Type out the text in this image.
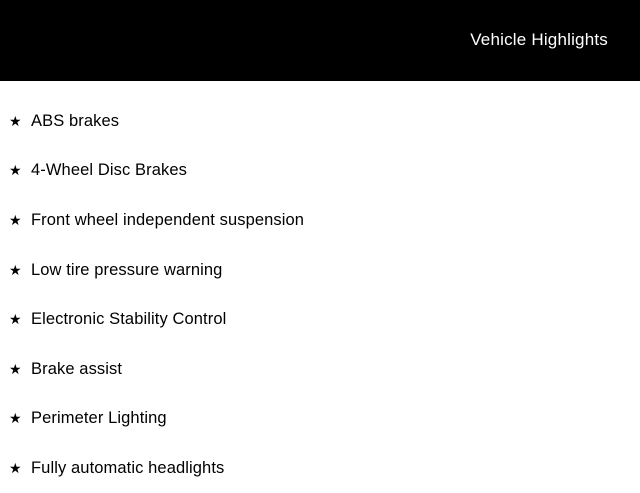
Vehicle Highlights
★ ABS brakes
★ 4-Wheel Disc Brakes
★ Front wheel independent suspension
★ Low tire pressure warning
★ Electronic Stability Control
★ Brake assist
★ Perimeter Lighting
★ Fully automatic headlights
